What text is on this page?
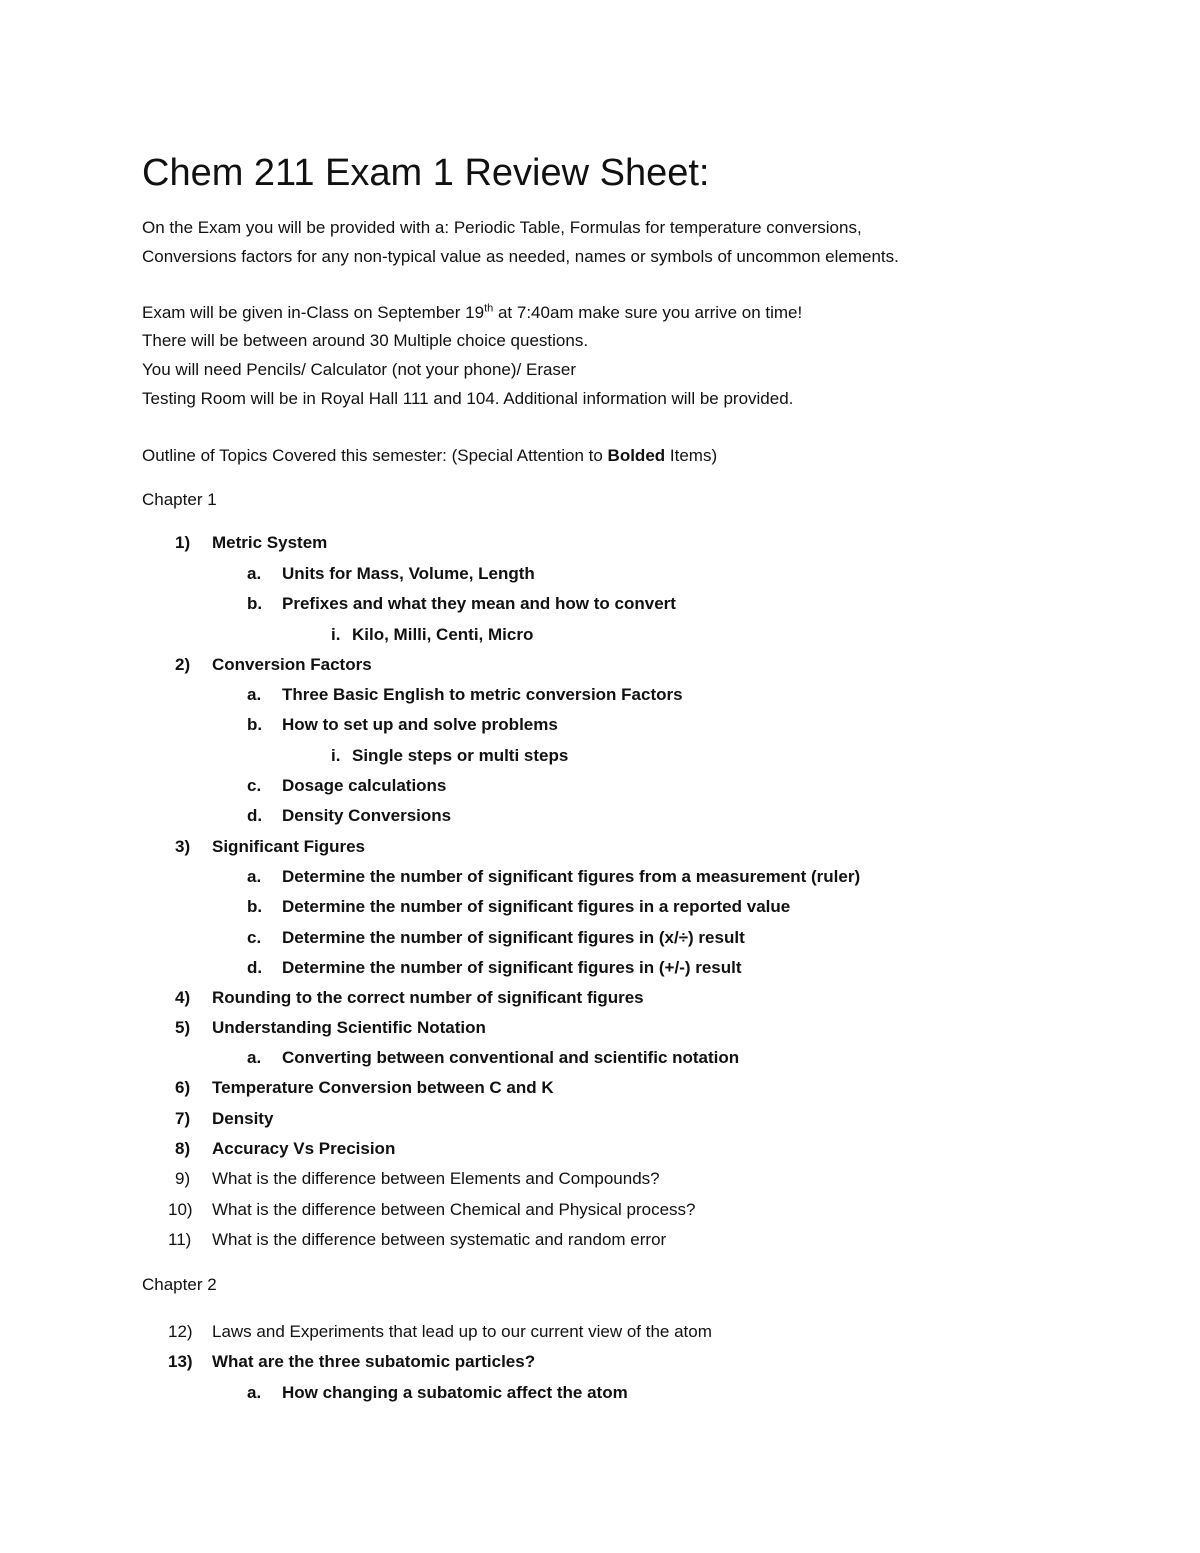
Chem 211 Exam 1 Review Sheet:
On the Exam you will be provided with a: Periodic Table, Formulas for temperature conversions,
Conversions factors for any non-typical value as needed, names or symbols of uncommon elements.
Exam will be given in-Class on September 19th at 7:40am make sure you arrive on time!
There will be between around 30 Multiple choice questions.
You will need Pencils/ Calculator (not your phone)/ Eraser
Testing Room will be in Royal Hall 111 and 104. Additional information will be provided.
Outline of Topics Covered this semester: (Special Attention to Bolded Items)
Chapter 1
1) Metric System
a. Units for Mass, Volume, Length
b. Prefixes and what they mean and how to convert
i. Kilo, Milli, Centi, Micro
2) Conversion Factors
a. Three Basic English to metric conversion Factors
b. How to set up and solve problems
i. Single steps or multi steps
c. Dosage calculations
d. Density Conversions
3) Significant Figures
a. Determine the number of significant figures from a measurement (ruler)
b. Determine the number of significant figures in a reported value
c. Determine the number of significant figures in (x/÷) result
d. Determine the number of significant figures in (+/-) result
4) Rounding to the correct number of significant figures
5) Understanding Scientific Notation
a. Converting between conventional and scientific notation
6) Temperature Conversion between C and K
7) Density
8) Accuracy Vs Precision
9) What is the difference between Elements and Compounds?
10) What is the difference between Chemical and Physical process?
11) What is the difference between systematic and random error
Chapter 2
12) Laws and Experiments that lead up to our current view of the atom
13) What are the three subatomic particles?
a. How changing a subatomic affect the atom
